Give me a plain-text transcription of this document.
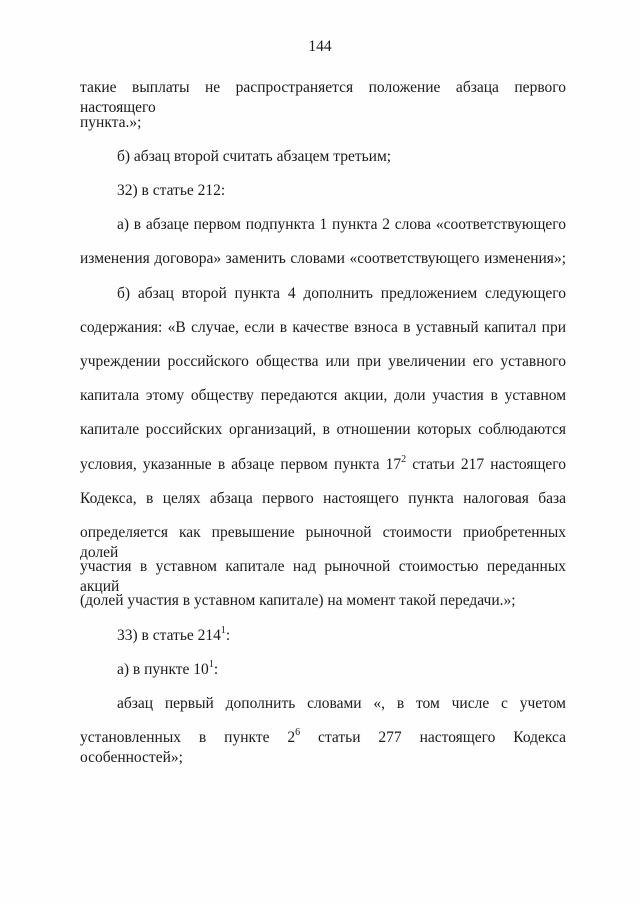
144
такие выплаты не распространяется положение абзаца первого настоящего
пункта.»;
б) абзац второй считать абзацем третьим;
32) в статье 212:
а) в абзаце первом подпункта 1 пункта 2 слова «соответствующего
изменения договора» заменить словами «соответствующего изменения»;
б) абзац второй пункта 4 дополнить предложением следующего
содержания: «В случае, если в качестве взноса в уставный капитал при
учреждении российского общества или при увеличении его уставного
капитала этому обществу передаются акции, доли участия в уставном
капитале российских организаций, в отношении которых соблюдаются
условия, указанные в абзаце первом пункта $17^2$ статьи 217 настоящего
Кодекса, в целях абзаца первого настоящего пункта налоговая база
определяется как превышение рыночной стоимости приобретенных долей
участия в уставном капитале над рыночной стоимостью переданных акций
(долей участия в уставном капитале) на момент такой передачи.»;
33) в статье $214^1$:
а) в пункте $10^1$:
абзац первый дополнить словами «, в том числе с учетом
установленных в пункте $2^6$ статьи 277 настоящего Кодекса особенностей»;
